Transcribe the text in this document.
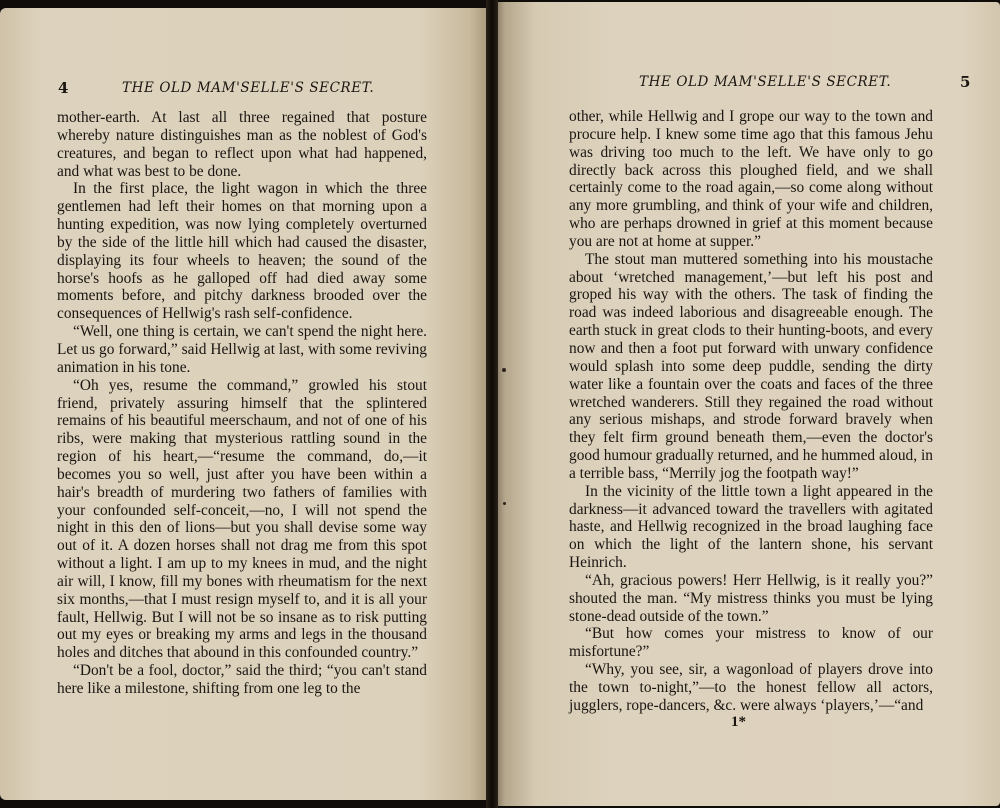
4	THE OLD MAM'SELLE'S SECRET.

mother-earth. At last all three regained that posture whereby nature distinguishes man as the noblest of God's creatures, and began to reflect upon what had happened, and what was best to be done.

In the first place, the light wagon in which the three gentlemen had left their homes on that morning upon a hunting expedition, was now lying completely overturned by the side of the little hill which had caused the disaster, displaying its four wheels to heaven; the sound of the horse's hoofs as he galloped off had died away some moments before, and pitchy darkness brooded over the consequences of Hellwig's rash self-confidence.

“Well, one thing is certain, we can't spend the night here. Let us go forward,” said Hellwig at last, with some reviving animation in his tone.

“Oh yes, resume the command,” growled his stout friend, privately assuring himself that the splintered remains of his beautiful meerschaum, and not of one of his ribs, were making that mysterious rattling sound in the region of his heart,—“resume the command, do,—it becomes you so well, just after you have been within a hair's breadth of murdering two fathers of families with your confounded self-conceit,—no, I will not spend the night in this den of lions—but you shall devise some way out of it. A dozen horses shall not drag me from this spot without a light. I am up to my knees in mud, and the night air will, I know, fill my bones with rheumatism for the next six months,—that I must resign myself to, and it is all your fault, Hellwig. But I will not be so insane as to risk putting out my eyes or breaking my arms and legs in the thousand holes and ditches that abound in this confounded country.”

“Don't be a fool, doctor,” said the third; “you can't stand here like a milestone, shifting from one leg to the

THE OLD MAM'SELLE'S SECRET.	5

other, while Hellwig and I grope our way to the town and procure help. I knew some time ago that this famous Jehu was driving too much to the left. We have only to go directly back across this ploughed field, and we shall certainly come to the road again,—so come along without any more grumbling, and think of your wife and children, who are perhaps drowned in grief at this moment because you are not at home at supper.”

The stout man muttered something into his moustache about ‘wretched management,’—but left his post and groped his way with the others. The task of finding the road was indeed laborious and disagreeable enough. The earth stuck in great clods to their hunting-boots, and every now and then a foot put forward with unwary confidence would splash into some deep puddle, sending the dirty water like a fountain over the coats and faces of the three wretched wanderers. Still they regained the road without any serious mishaps, and strode forward bravely when they felt firm ground beneath them,—even the doctor's good humour gradually returned, and he hummed aloud, in a terrible bass, “Merrily jog the footpath way!”

In the vicinity of the little town a light appeared in the darkness—it advanced toward the travellers with agitated haste, and Hellwig recognized in the broad laughing face on which the light of the lantern shone, his servant Heinrich.

“Ah, gracious powers! Herr Hellwig, is it really you?” shouted the man. “My mistress thinks you must be lying stone-dead outside of the town.”

“But how comes your mistress to know of our misfortune?”

“Why, you see, sir, a wagonload of players drove into the town to-night,”—to the honest fellow all actors, jugglers, rope-dancers, &c. were always ‘players,’—“and

1*
